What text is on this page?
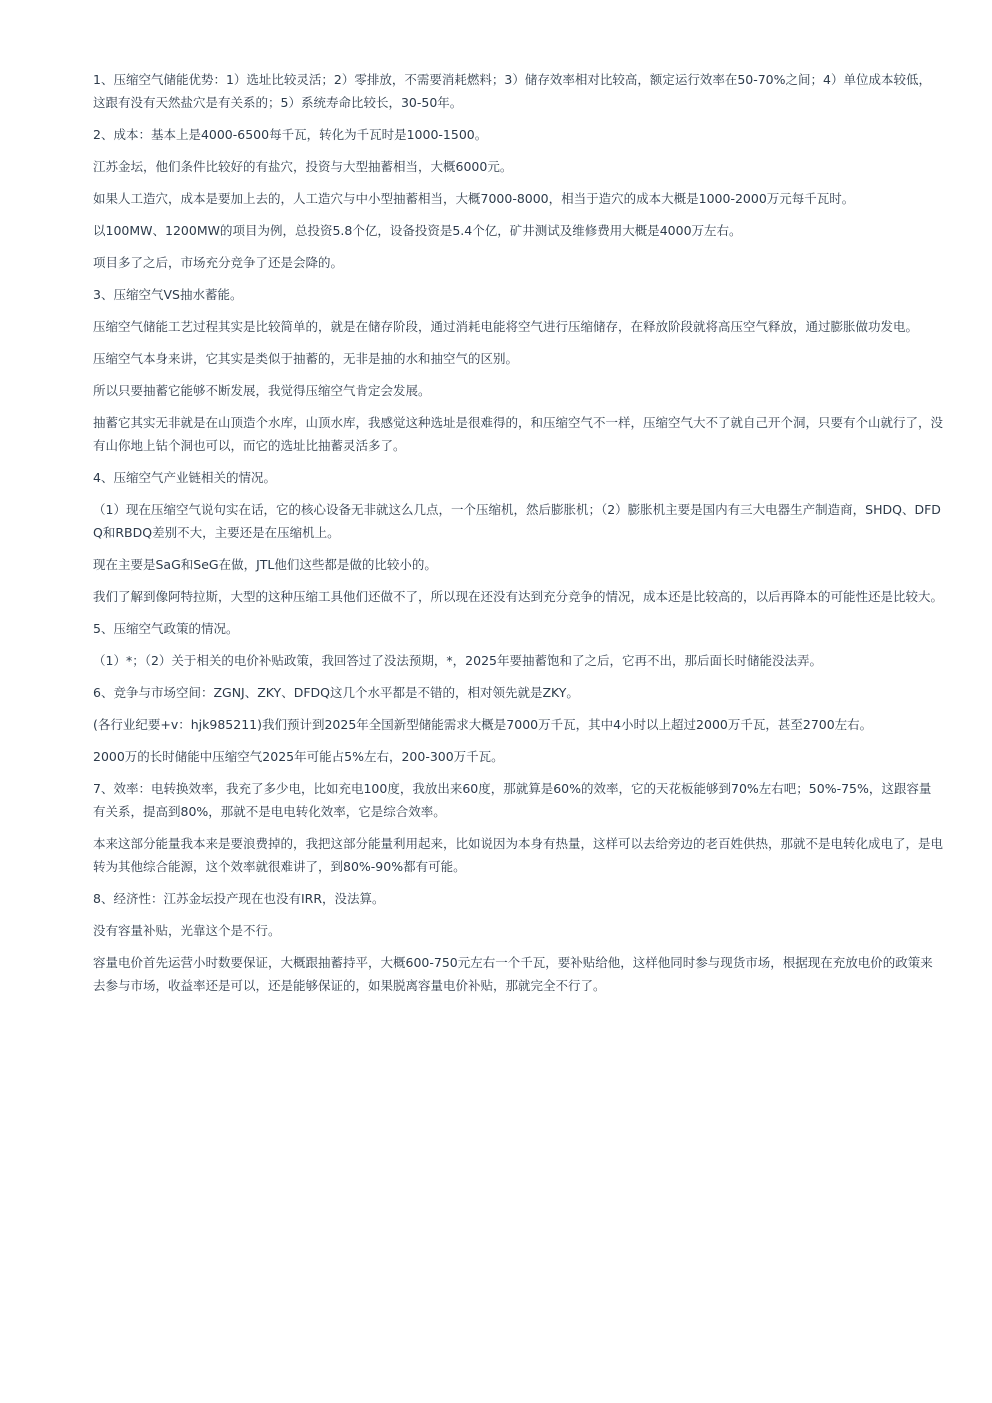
1、压缩空气储能优势：1）选址比较灵活；2）零排放，不需要消耗燃料；3）储存效率相对比较高，额定运行效率在50-70%之间；4）单位成本较低，这跟有没有天然盐穴是有关系的；5）系统寿命比较长，30-50年。

2、成本：基本上是4000-6500每千瓦，转化为千瓦时是1000-1500。

江苏金坛，他们条件比较好的有盐穴，投资与大型抽蓄相当，大概6000元。

如果人工造穴，成本是要加上去的，人工造穴与中小型抽蓄相当，大概7000-8000，相当于造穴的成本大概是1000-2000万元每千瓦时。

以100MW、1200MW的项目为例，总投资5.8个亿，设备投资是5.4个亿，矿井测试及维修费用大概是4000万左右。

项目多了之后，市场充分竞争了还是会降的。

3、压缩空气VS抽水蓄能。

压缩空气储能工艺过程其实是比较简单的，就是在储存阶段，通过消耗电能将空气进行压缩储存，在释放阶段就将高压空气释放，通过膨胀做功发电。

压缩空气本身来讲，它其实是类似于抽蓄的，无非是抽的水和抽空气的区别。

所以只要抽蓄它能够不断发展，我觉得压缩空气肯定会发展。

抽蓄它其实无非就是在山顶造个水库，山顶水库，我感觉这种选址是很难得的，和压缩空气不一样，压缩空气大不了就自己开个洞，只要有个山就行了，没有山你地上钻个洞也可以，而它的选址比抽蓄灵活多了。

4、压缩空气产业链相关的情况。

（1）现在压缩空气说句实在话，它的核心设备无非就这么几点，一个压缩机，然后膨胀机；（2）膨胀机主要是国内有三大电器生产制造商，SHDQ、DFDQ和RBDQ差别不大，主要还是在压缩机上。

现在主要是SaG和SeG在做，JTL他们这些都是做的比较小的。

我们了解到像阿特拉斯，大型的这种压缩工具他们还做不了，所以现在还没有达到充分竞争的情况，成本还是比较高的，以后再降本的可能性还是比较大。

5、压缩空气政策的情况。

（1）*；（2）关于相关的电价补贴政策，我回答过了没法预期，*，2025年要抽蓄饱和了之后，它再不出，那后面长时储能没法弄。

6、竞争与市场空间：ZGNJ、ZKY、DFDQ这几个水平都是不错的，相对领先就是ZKY。

(各行业纪要+v：hjk985211)我们预计到2025年全国新型储能需求大概是7000万千瓦，其中4小时以上超过2000万千瓦，甚至2700左右。

2000万的长时储能中压缩空气2025年可能占5%左右，200-300万千瓦。

7、效率：电转换效率，我充了多少电，比如充电100度，我放出来60度，那就算是60%的效率，它的天花板能够到70%左右吧；50%-75%，这跟容量有关系，提高到80%，那就不是电电转化效率，它是综合效率。

本来这部分能量我本来是要浪费掉的，我把这部分能量利用起来，比如说因为本身有热量，这样可以去给旁边的老百姓供热，那就不是电转化成电了，是电转为其他综合能源，这个效率就很难讲了，到80%-90%都有可能。

8、经济性：江苏金坛投产现在也没有IRR，没法算。

没有容量补贴，光靠这个是不行。

容量电价首先运营小时数要保证，大概跟抽蓄持平，大概600-750元左右一个千瓦，要补贴给他，这样他同时参与现货市场，根据现在充放电价的政策来去参与市场，收益率还是可以，还是能够保证的，如果脱离容量电价补贴，那就完全不行了。
